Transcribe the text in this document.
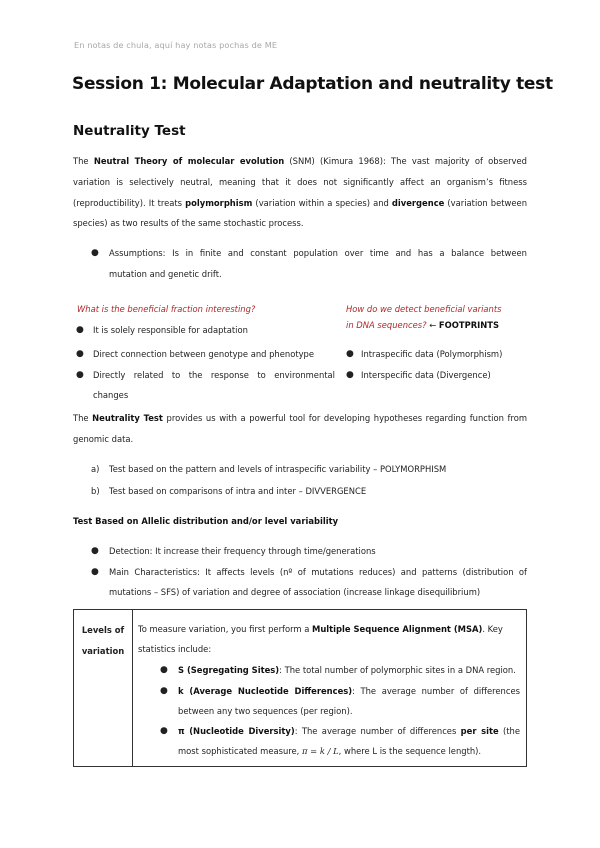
En notas de chula, aquí hay notas pochas de ME
Session 1: Molecular Adaptation and neutrality test
Neutrality Test
The Neutral Theory of molecular evolution (SNM) (Kimura 1968): The vast majority of observed variation is selectively neutral, meaning that it does not significantly affect an organism’s fitness (reproductibility). It treats polymorphism (variation within a species) and divergence (variation between species) as two results of the same stochastic process.
● Assumptions: Is in finite and constant population over time and has a balance between
mutation and genetic drift.
What is the beneficial fraction interesting?
● It is solely responsible for adaptation
● Direct connection between genotype and phenotype
● Directly related to the response to environmental
changes
How do we detect beneficial variants
in DNA sequences? ← FOOTPRINTS
● Intraspecific data (Polymorphism)
● Interspecific data (Divergence)
The Neutrality Test provides us with a powerful tool for developing hypotheses regarding function from genomic data.
a) Test based on the pattern and levels of intraspecific variability – POLYMORPHISM
b) Test based on comparisons of intra and inter – DIVVERGENCE
Test Based on Allelic distribution and/or level variability
● Detection: It increase their frequency through time/generations
● Main Characteristics: It affects levels (nº of mutations reduces) and patterns (distribution of
mutations – SFS) of variation and degree of association (increase linkage disequilibrium)
Levels of
variation
To measure variation, you first perform a Multiple Sequence Alignment (MSA). Key
statistics include:
● S (Segregating Sites): The total number of polymorphic sites in a DNA region.
● k (Average Nucleotide Differences): The average number of differences
between any two sequences (per region).
● π (Nucleotide Diversity): The average number of differences per site (the
most sophisticated measure, π = k / L, where L is the sequence length).
